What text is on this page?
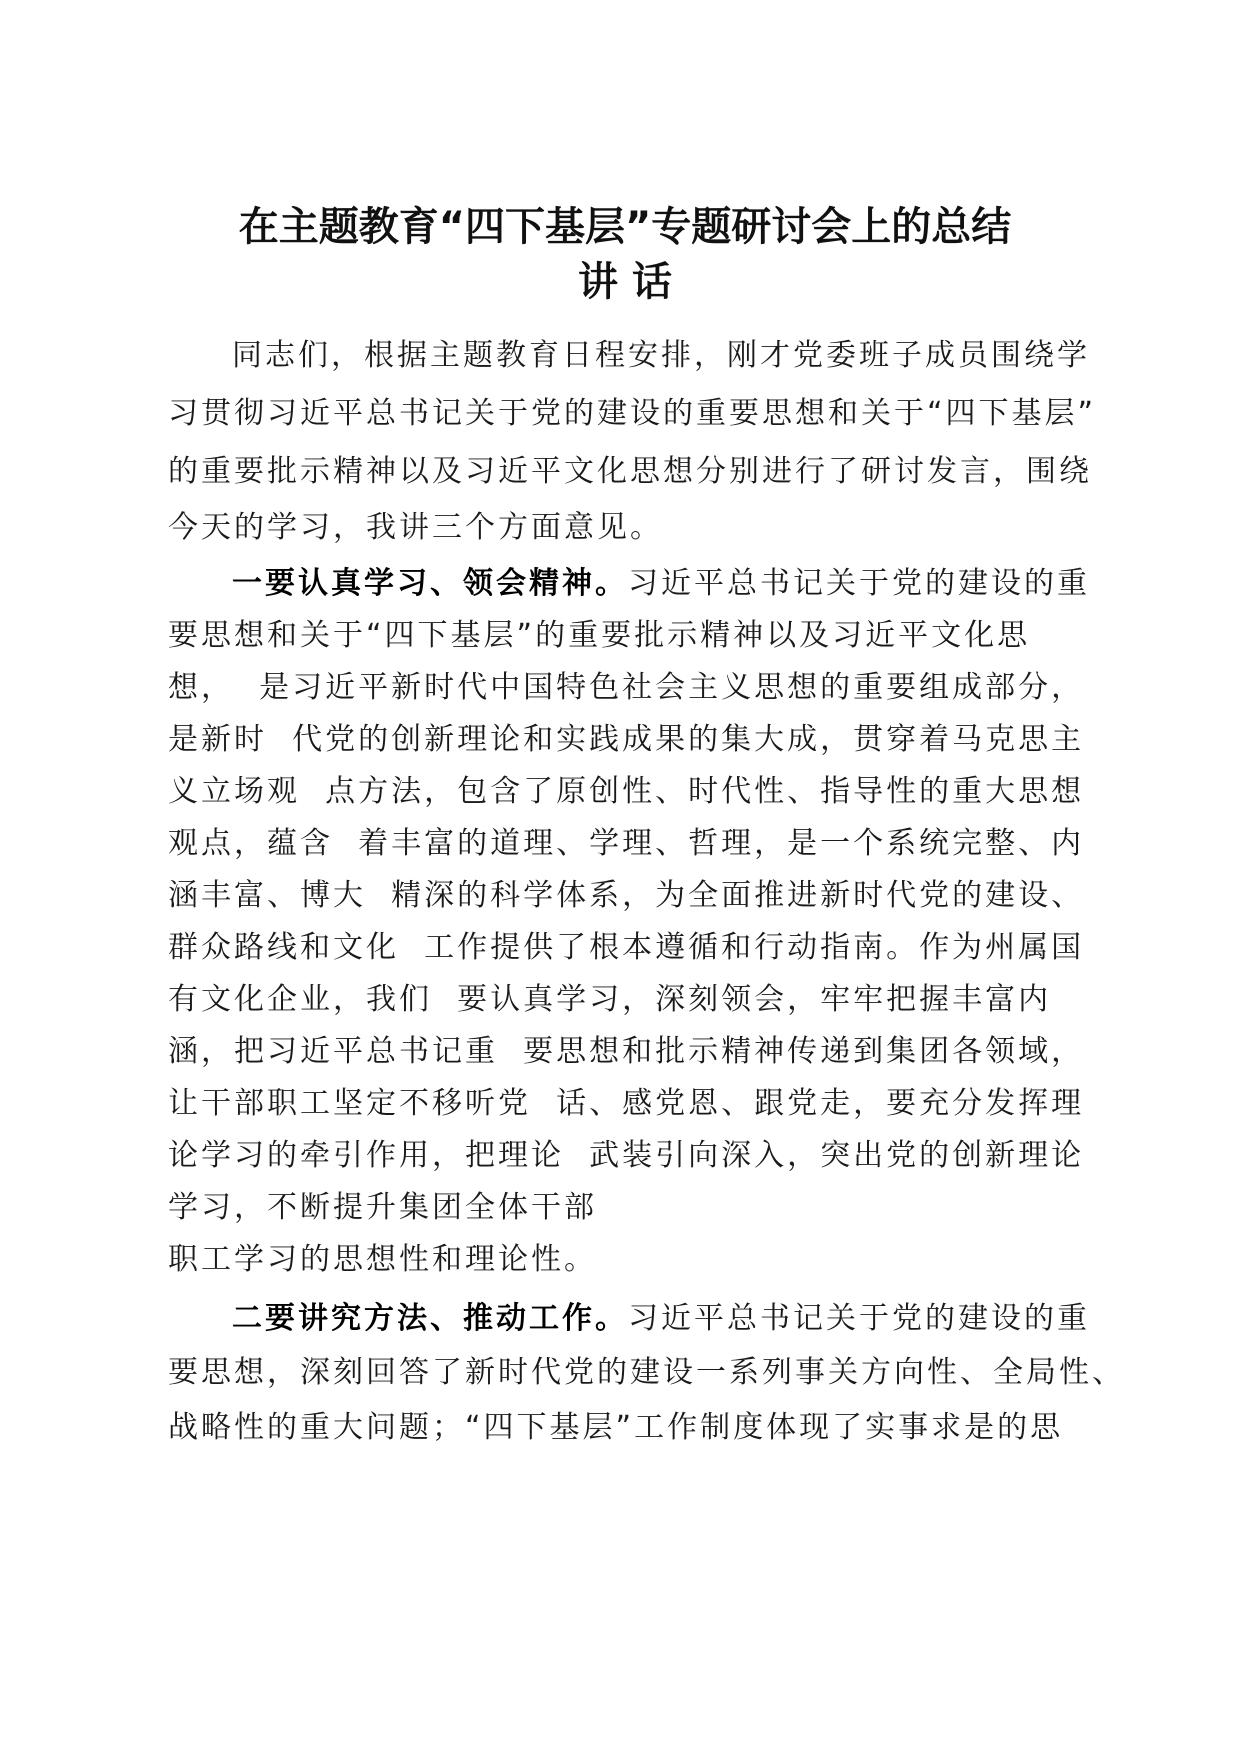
在主题教育“四下基层”专题研讨会上的总结
讲 话

同志们，根据主题教育日程安排，刚才党委班子成员围绕学

习贯彻习近平总书记关于党的建设的重要思想和关于“四下基层”

的重要批示精神以及习近平文化思想分别进行了研讨发言，围绕

今天的学习，我讲三个方面意见。

一要认真学习、领会精神。习近平总书记关于党的建设的重

要思想和关于“四下基层”的重要批示精神以及习近平文化思

想，  是习近平新时代中国特色社会主义思想的重要组成部分，

是新时  代党的创新理论和实践成果的集大成，贯穿着马克思主

义立场观  点方法，包含了原创性、时代性、指导性的重大思想

观点，蕴含  着丰富的道理、学理、哲理，是一个系统完整、内

涵丰富、博大  精深的科学体系，为全面推进新时代党的建设、

群众路线和文化  工作提供了根本遵循和行动指南。作为州属国

有文化企业，我们  要认真学习，深刻领会，牢牢把握丰富内

涵，把习近平总书记重  要思想和批示精神传递到集团各领域，

让干部职工坚定不移听党  话、感党恩、跟党走，要充分发挥理

论学习的牵引作用，把理论  武装引向深入，突出党的创新理论

学习，不断提升集团全体干部

职工学习的思想性和理论性。

二要讲究方法、推动工作。习近平总书记关于党的建设的重

要思想，深刻回答了新时代党的建设一系列事关方向性、全局性、

战略性的重大问题；“四下基层”工作制度体现了实事求是的思
